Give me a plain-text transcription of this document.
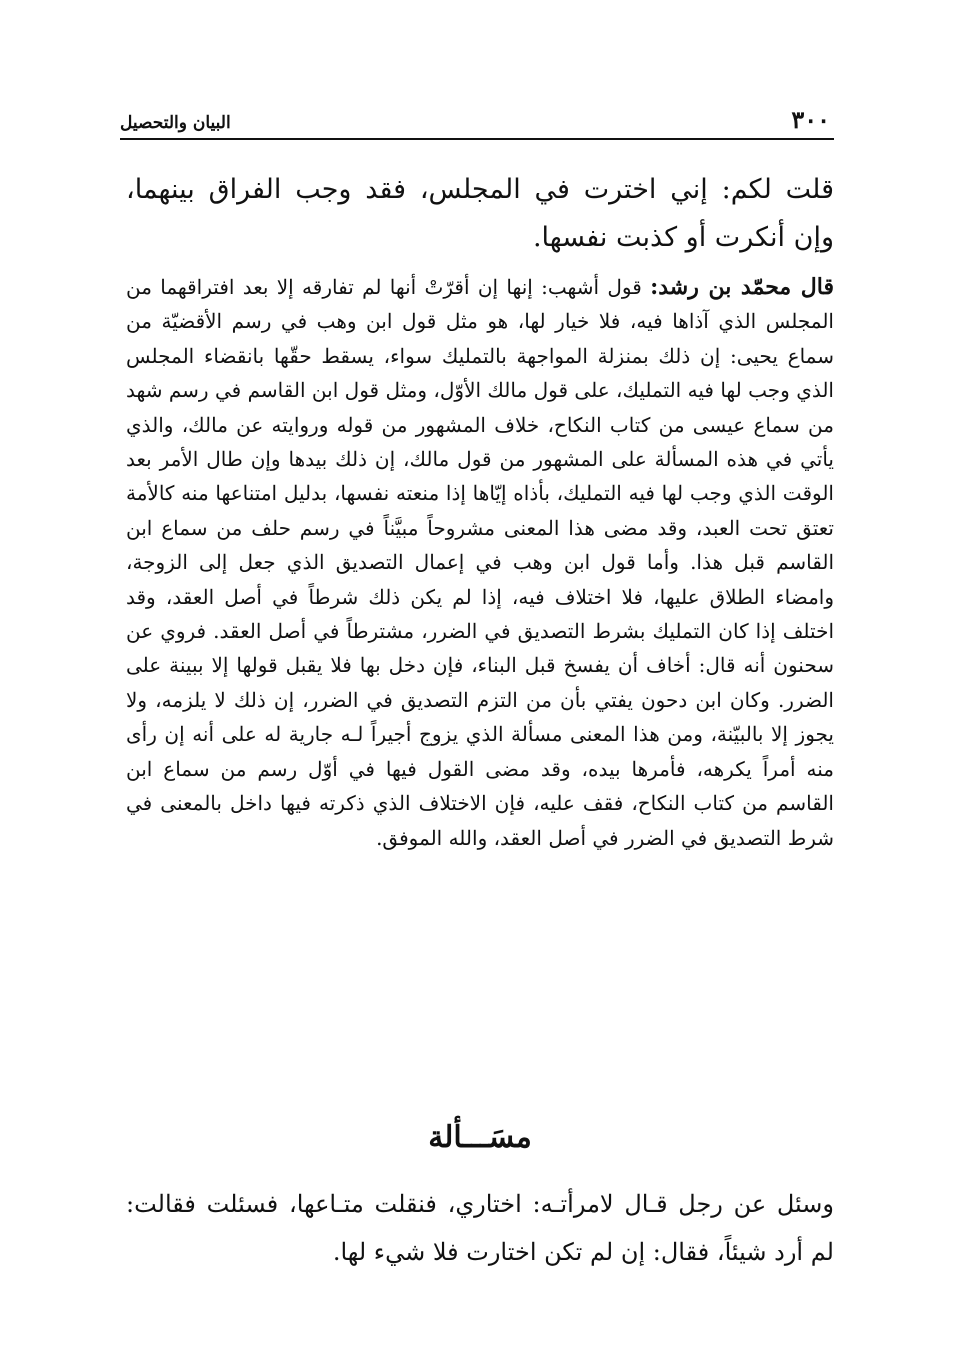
٣٠٠
البيان والتحصيل

قلت لكم: إني اخترت في المجلس، فقد وجب الفراق بينهما، وإن أنكرت أو كذبت نفسها.

قال محمّد بن رشد: قول أشهب: إنها إن أقرّتْ أنها لم تفارقه إلا بعد افتراقهما من المجلس الذي آذاها فيه، فلا خيار لها، هو مثل قول ابن وهب في رسم الأقضيّة من سماع يحيى: إن ذلك بمنزلة المواجهة بالتمليك سواء، يسقط حقّها بانقضاء المجلس الذي وجب لها فيه التمليك، على قول مالك الأوّل، ومثل قول ابن القاسم في رسم شهد من سماع عيسى من كتاب النكاح، خلاف المشهور من قوله وروايته عن مالك، والذي يأتي في هذه المسألة على المشهور من قول مالك، إن ذلك بيدها وإن طال الأمر بعد الوقت الذي وجب لها فيه التمليك، بأذاه إيّاها إذا منعته نفسها، بدليل امتناعها منه كالأمة تعتق تحت العبد، وقد مضى هذا المعنى مشروحاً مبيَّناً في رسم حلف من سماع ابن القاسم قبل هذا. وأما قول ابن وهب في إعمال التصديق الذي جعل إلى الزوجة، وامضاء الطلاق عليها، فلا اختلاف فيه، إذا لم يكن ذلك شرطاً في أصل العقد، وقد اختلف إذا كان التمليك بشرط التصديق في الضرر، مشترطاً في أصل العقد. فروي عن سحنون أنه قال: أخاف أن يفسخ قبل البناء، فإن دخل بها فلا يقبل قولها إلا ببينة على الضرر. وكان ابن دحون يفتي بأن من التزم التصديق في الضرر، إن ذلك لا يلزمه، ولا يجوز إلا بالبيّنة، ومن هذا المعنى مسألة الذي يزوج أجيراً لـه جارية له على أنه إن رأى منه أمراً يكرهه، فأمرها بيده، وقد مضى القول فيها في أوّل رسم من سماع ابن القاسم من كتاب النكاح، فقف عليه، فإن الاختلاف الذي ذكرته فيها داخل بالمعنى في شرط التصديق في الضرر في أصل العقد، والله الموفق.

مسَـــألة

وسئل عن رجل قـال لامرأتـه: اختاري، فنقلت متـاعها، فسئلت فقالت: لم أرد شيئاً، فقال: إن لم تكن اختارت فلا شيء لها.
